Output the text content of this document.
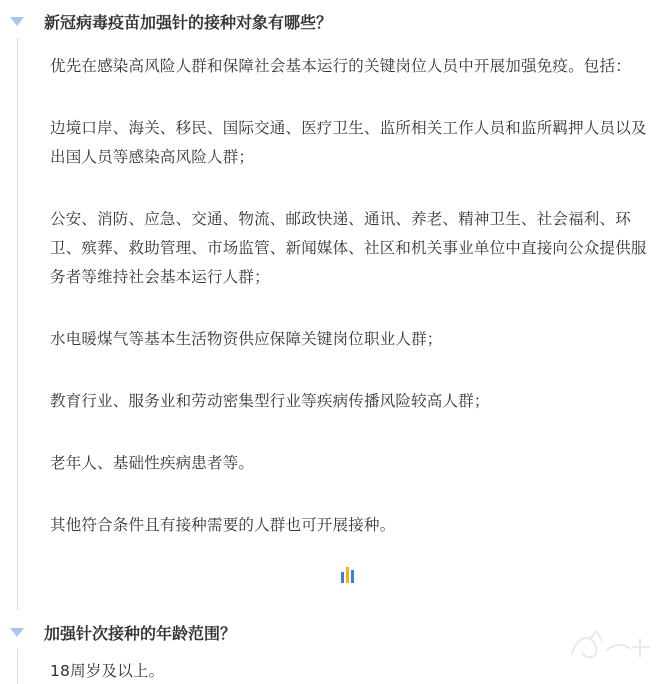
新冠病毒疫苗加强针的接种对象有哪些？

优先在感染高风险人群和保障社会基本运行的关键岗位人员中开展加强免疫。包括：

边境口岸、海关、移民、国际交通、医疗卫生、监所相关工作人员和监所羁押人员以及出国人员等感染高风险人群；

公安、消防、应急、交通、物流、邮政快递、通讯、养老、精神卫生、社会福利、环卫、殡葬、救助管理、市场监管、新闻媒体、社区和机关事业单位中直接向公众提供服务者等维持社会基本运行人群；

水电暖煤气等基本生活物资供应保障关键岗位职业人群；

教育行业、服务业和劳动密集型行业等疾病传播风险较高人群；

老年人、基础性疾病患者等。

其他符合条件且有接种需要的人群也可开展接种。

加强针次接种的年龄范围？

18周岁及以上。
